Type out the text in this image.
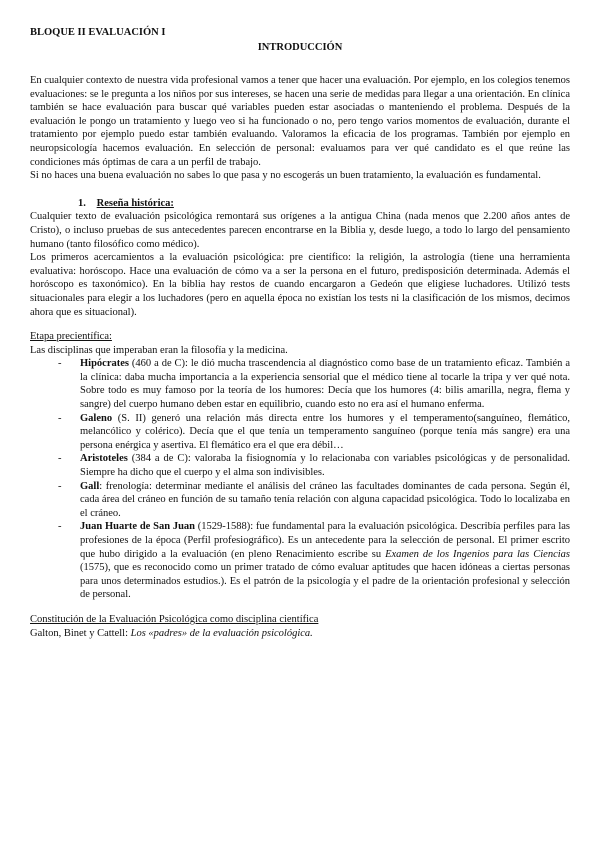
BLOQUE II EVALUACIÓN I
INTRODUCCIÓN

En cualquier contexto de nuestra vida profesional vamos a tener que hacer una evaluación. Por ejemplo, en los colegios tenemos evaluaciones: se le pregunta a los niños por sus intereses, se hacen una serie de medidas para llegar a una orientación. En clínica también se hace evaluación para buscar qué variables pueden estar asociadas o manteniendo el problema. Después de la evaluación le pongo un tratamiento y luego veo si ha funcionado o no, pero tengo varios momentos de evaluación, durante el tratamiento por ejemplo puedo estar también evaluando. Valoramos la eficacia de los programas. También por ejemplo en neuropsicología hacemos evaluación. En selección de personal: evaluamos para ver qué candidato es el que reúne las condiciones más óptimas de cara a un perfil de trabajo.

Si no haces una buena evaluación no sabes lo que pasa y no escogerás un buen tratamiento, la evaluación es fundamental.

1. Reseña histórica:

Cualquier texto de evaluación psicológica remontará sus orígenes a la antigua China (nada menos que 2.200 años antes de Cristo), o incluso pruebas de sus antecedentes parecen encontrarse en la Biblia y, desde luego, a todo lo largo del pensamiento humano (tanto filosófico como médico).

Los primeros acercamientos a la evaluación psicológica: pre científico: la religión, la astrología (tiene una herramienta evaluativa: horóscopo. Hace una evaluación de cómo va a ser la persona en el futuro, predisposición determinada. Además el horóscopo es taxonómico). En la biblia hay restos de cuando encargaron a Gedeón que eligiese luchadores. Utilizó tests situacionales para elegir a los luchadores (pero en aquella época no existían los tests ni la clasificación de los mismos, decimos ahora que es situacional).

Etapa precientífica:

Las disciplinas que imperaban eran la filosofía y la medicina.

- Hipócrates (460 a de C): le dió mucha trascendencia al diagnóstico como base de un tratamiento eficaz. También a la clínica: daba mucha importancia a la experiencia sensorial que el médico tiene al tocarle la tripa y ver qué nota. Sobre todo es muy famoso por la teoría de los humores: Decía que los humores (4: bilis amarilla, negra, flema y sangre) del cuerpo humano deben estar en equilibrio, cuando esto no era así el humano enferma.
- Galeno (S. II) generó una relación más directa entre los humores y el temperamento(sanguíneo, flemático, melancólico y colérico). Decía que el que tenía un temperamento sanguíneo (porque tenía más sangre) era una persona enérgica y asertiva. El flemático era el que era débil…
- Aristoteles (384 a de C): valoraba la fisiognomía y lo relacionaba con variables psicológicas y de personalidad. Siempre ha dicho que el cuerpo y el alma son indivisibles.
- Gall: frenología: determinar mediante el análisis del cráneo las facultades dominantes de cada persona. Según él, cada área del cráneo en función de su tamaño tenía relación con alguna capacidad psicológica. Todo lo localizaba en el cráneo.
- Juan Huarte de San Juan (1529-1588): fue fundamental para la evaluación psicológica. Describía perfiles para las profesiones de la época (Perfil profesiográfico). Es un antecedente para la selección de personal. El primer escrito que hubo dirigido a la evaluación (en pleno Renacimiento escribe su Examen de los Ingenios para las Ciencias (1575), que es reconocido como un primer tratado de cómo evaluar aptitudes que hacen idóneas a ciertas personas para unos determinados estudios.). Es el patrón de la psicología y el padre de la orientación profesional y selección de personal.

Constitución de la Evaluación Psicológica como disciplina científica

Galton, Binet y Cattell: Los «padres» de la evaluación psicológica.
